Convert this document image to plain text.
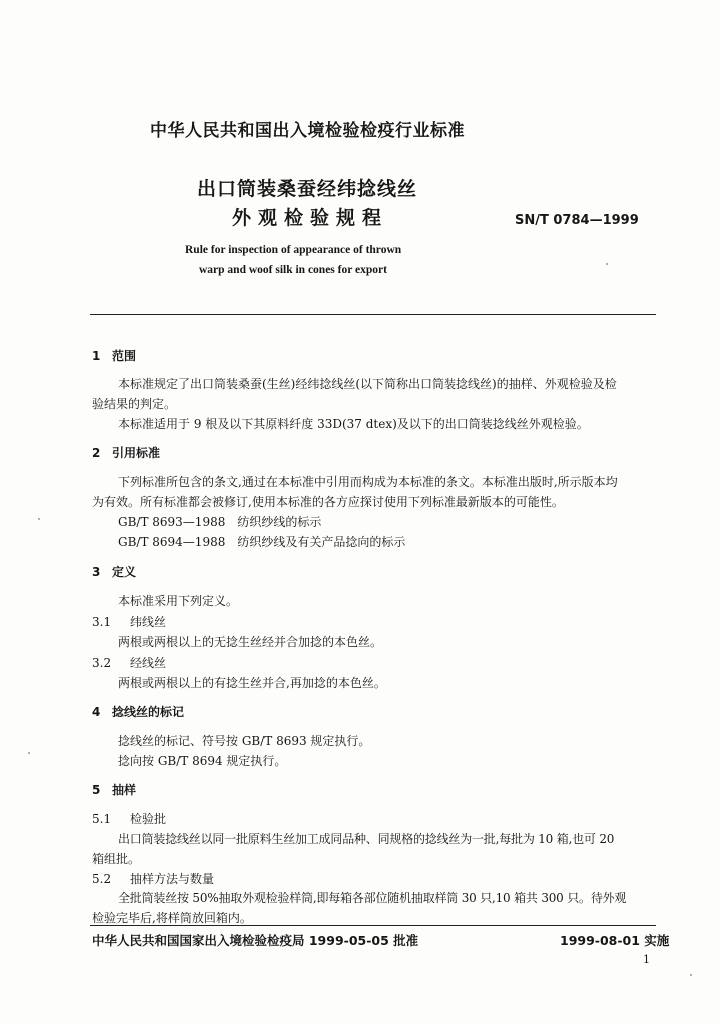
中华人民共和国出入境检验检疫行业标准
出口筒装桑蚕经纬捻线丝
外观检验规程	SN/T 0784—1999
Rule for inspection of appearance of thrown
warp and woof silk in cones for export
1 范围
本标准规定了出口筒装桑蚕(生丝)经纬捻线丝(以下简称出口筒装捻线丝)的抽样、外观检验及检
验结果的判定。
本标准适用于 9 根及以下其原料纤度 33D(37 dtex)及以下的出口筒装捻线丝外观检验。
2 引用标准
下列标准所包含的条文,通过在本标准中引用而构成为本标准的条文。本标准出版时,所示版本均
为有效。所有标准都会被修订,使用本标准的各方应探讨使用下列标准最新版本的可能性。
GB/T 8693—1988　纺织纱线的标示
GB/T 8694—1988　纺织纱线及有关产品捻向的标示
3 定义
本标准采用下列定义。
3.1 纬线丝
两根或两根以上的无捻生丝经并合加捻的本色丝。
3.2 经线丝
两根或两根以上的有捻生丝并合,再加捻的本色丝。
4 捻线丝的标记
捻线丝的标记、符号按 GB/T 8693 规定执行。
捻向按 GB/T 8694 规定执行。
5 抽样
5.1 检验批
出口筒装捻线丝以同一批原料生丝加工成同品种、同规格的捻线丝为一批,每批为 10 箱,也可 20
箱组批。
5.2 抽样方法与数量
全批筒装丝按 50%抽取外观检验样筒,即每箱各部位随机抽取样筒 30 只,10 箱共 300 只。待外观
检验完毕后,将样筒放回箱内。
中华人民共和国国家出入境检验检疫局 1999-05-05 批准	1999-08-01 实施
1
